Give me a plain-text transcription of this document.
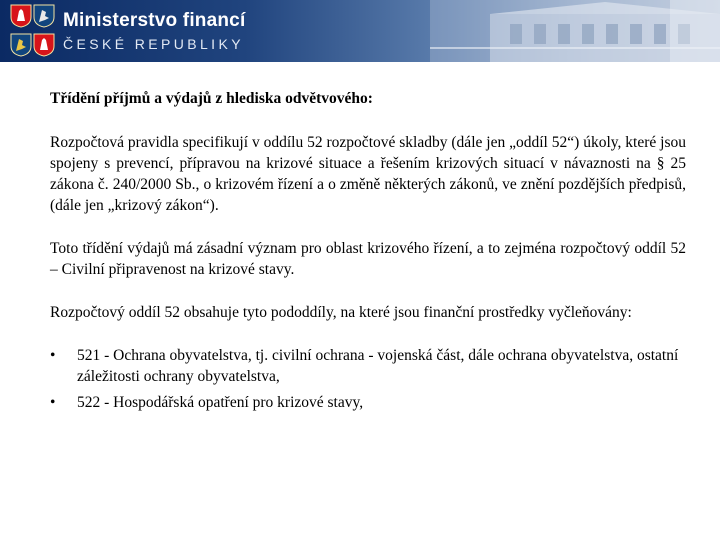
Ministerstvo financí
ČESKÉ REPUBLIKY

Třídění příjmů a výdajů z hlediska odvětvového:

Rozpočtová pravidla specifikují v oddílu 52 rozpočtové skladby (dále jen „oddíl 52“) úkoly, které jsou spojeny s prevencí, přípravou na krizové situace a řešením krizových situací v návaznosti na § 25 zákona č. 240/2000 Sb., o krizovém řízení a o změně některých zákonů, ve znění pozdějších předpisů, (dále jen „krizový zákon“).

Toto třídění výdajů má zásadní význam pro oblast krizového řízení, a to zejména rozpočtový oddíl 52 – Civilní připravenost na krizové stavy.

Rozpočtový oddíl 52 obsahuje tyto pododdíly, na které jsou finanční prostředky vyčleňovány:

• 521 - Ochrana obyvatelstva, tj. civilní ochrana - vojenská část, dále ochrana obyvatelstva, ostatní záležitosti ochrany obyvatelstva,
• 522 - Hospodářská opatření pro krizové stavy,
